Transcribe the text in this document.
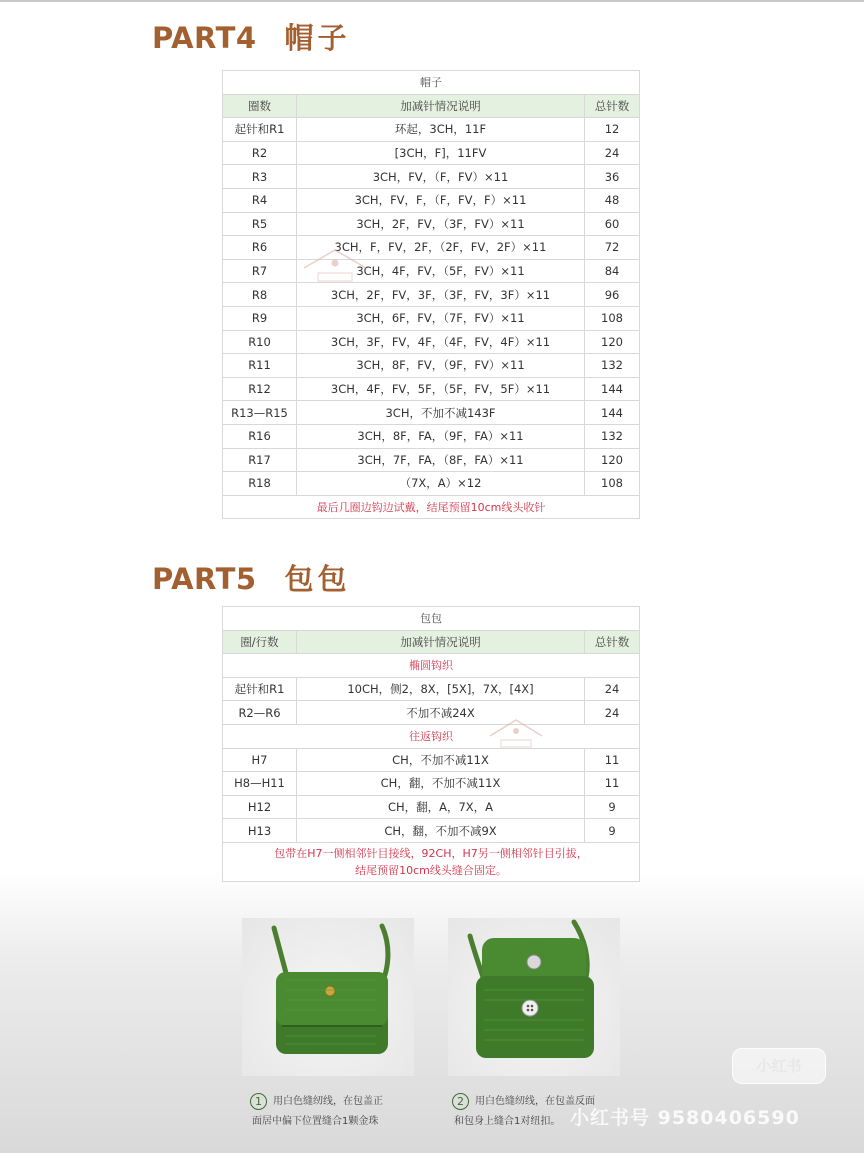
PART4 帽子
帽子		
圈数	加减针情况说明	总针数
起针和R1	环起，3CH，11F	12
R2	[3CH，F]，11FV	24
R3	3CH，FV，（F，FV）×11	36
R4	3CH，FV，F，（F，FV，F）×11	48
R5	3CH，2F，FV，（3F，FV）×11	60
R6	3CH，F，FV，2F，（2F，FV，2F）×11	72
R7	3CH，4F，FV，（5F，FV）×11	84
R8	3CH，2F，FV，3F，（3F，FV，3F）×11	96
R9	3CH，6F，FV，（7F，FV）×11	108
R10	3CH，3F，FV，4F，（4F，FV，4F）×11	120
R11	3CH，8F，FV，（9F，FV）×11	132
R12	3CH，4F，FV，5F，（5F，FV，5F）×11	144
R13—R15	3CH，不加不减143F	144
R16	3CH，8F，FA，（9F，FA）×11	132
R17	3CH，7F，FA，（8F，FA）×11	120
R18	（7X，A）×12	108
最后几圈边钩边试戴，结尾预留10cm线头收针		
PART5 包包
包包		
圈/行数	加减针情况说明	总针数
椭圆钩织		
起针和R1	10CH，侧2，8X，[5X]，7X，[4X]	24
R2—R6	不加不减24X	24
往返钩织		
H7	CH，不加不减11X	11
H8—H11	CH，翻，不加不减11X	11
H12	CH，翻，A，7X，A	9
H13	CH，翻，不加不减9X	9
包带在H7一侧相邻针目接线，92CH，H7另一侧相邻针目引拔，
结尾预留10cm线头缝合固定。		
1 用白色缝纫线，在包盖正
面居中偏下位置缝合1颗金珠
2 用白色缝纫线，在包盖反面
和包身上缝合1对纽扣。
小红书
小红书号 9580406590
